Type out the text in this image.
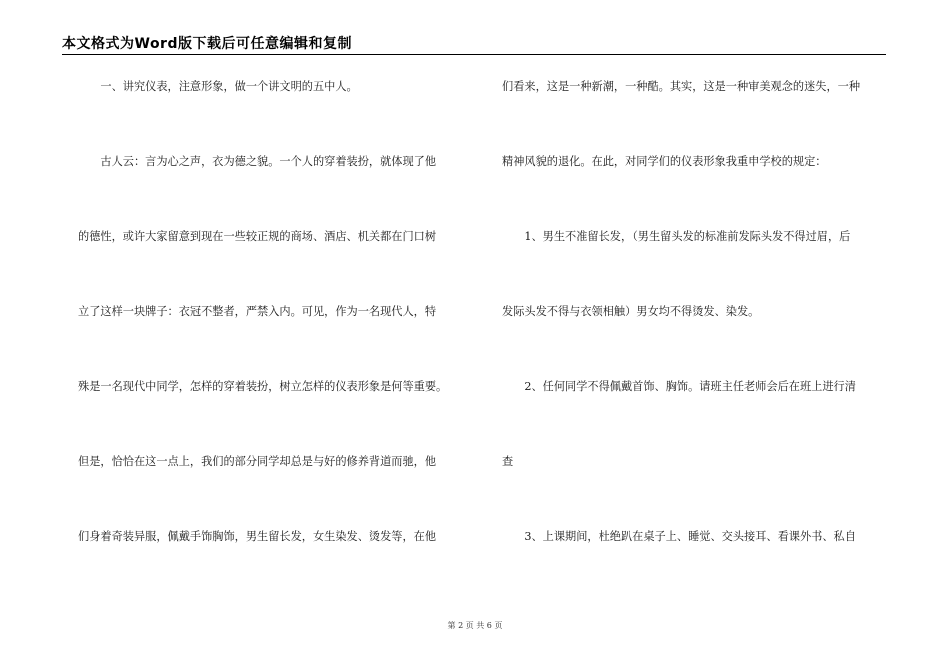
本文格式为Word版下载后可任意编辑和复制
　　一、讲究仪表，注意形象，做一个讲文明的五中人。
　　古人云：言为心之声，衣为德之貌。一个人的穿着装扮，就体现了他
的德性，或许大家留意到现在一些较正规的商场、酒店、机关都在门口树
立了这样一块牌子：衣冠不整者，严禁入内。可见，作为一名现代人，特
殊是一名现代中同学，怎样的穿着装扮，树立怎样的仪表形象是何等重要。
但是，恰恰在这一点上，我们的部分同学却总是与好的修养背道而驰，他
们身着奇装异服，佩戴手饰胸饰，男生留长发，女生染发、烫发等，在他
们看来，这是一种新潮，一种酷。其实，这是一种审美观念的迷失，一种
精神风貌的退化。在此，对同学们的仪表形象我重申学校的规定：
　　1、男生不准留长发，（男生留头发的标准前发际头发不得过眉，后
发际头发不得与衣领相触）男女均不得烫发、染发。
　　2、任何同学不得佩戴首饰、胸饰。请班主任老师会后在班上进行清
查
　　3、上课期间，杜绝趴在桌子上、睡觉、交头接耳、看课外书、私自
第 2 页 共 6 页
